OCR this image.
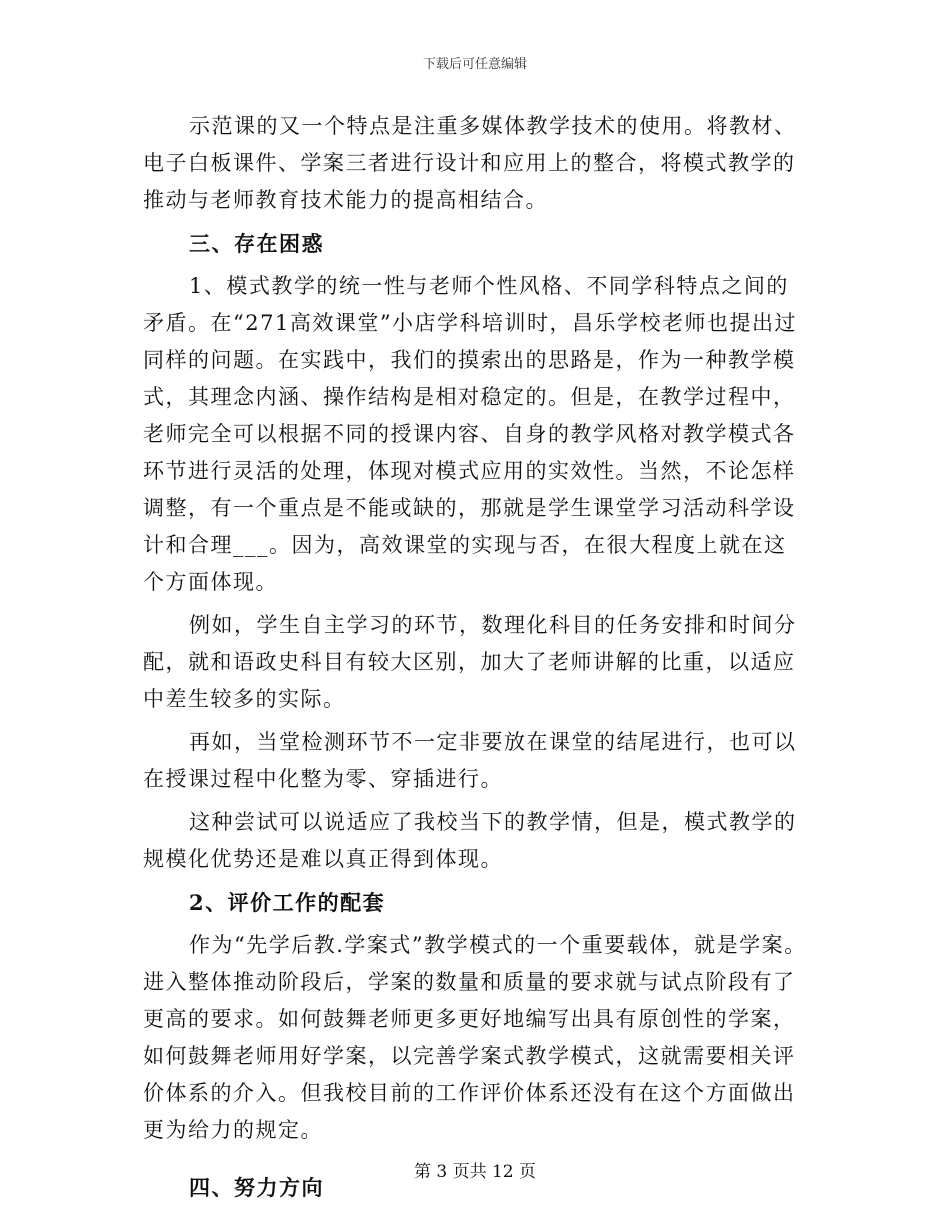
下载后可任意编辑

示范课的又一个特点是注重多媒体教学技术的使用。将教材、电子白板课件、学案三者进行设计和应用上的整合，将模式教学的推动与老师教育技术能力的提高相结合。

三、存在困惑

1、模式教学的统一性与老师个性风格、不同学科特点之间的矛盾。在“271高效课堂”小店学科培训时，昌乐学校老师也提出过同样的问题。在实践中，我们的摸索出的思路是，作为一种教学模式，其理念内涵、操作结构是相对稳定的。但是，在教学过程中，老师完全可以根据不同的授课内容、自身的教学风格对教学模式各环节进行灵活的处理，体现对模式应用的实效性。当然，不论怎样调整，有一个重点是不能或缺的，那就是学生课堂学习活动科学设计和合理___。因为，高效课堂的实现与否，在很大程度上就在这个方面体现。

例如，学生自主学习的环节，数理化科目的任务安排和时间分配，就和语政史科目有较大区别，加大了老师讲解的比重，以适应中差生较多的实际。

再如，当堂检测环节不一定非要放在课堂的结尾进行，也可以在授课过程中化整为零、穿插进行。

这种尝试可以说适应了我校当下的教学情，但是，模式教学的规模化优势还是难以真正得到体现。

2、评价工作的配套

作为“先学后教.学案式”教学模式的一个重要载体，就是学案。进入整体推动阶段后，学案的数量和质量的要求就与试点阶段有了更高的要求。如何鼓舞老师更多更好地编写出具有原创性的学案，如何鼓舞老师用好学案，以完善学案式教学模式，这就需要相关评价体系的介入。但我校目前的工作评价体系还没有在这个方面做出更为给力的规定。

四、努力方向

第 3 页共 12 页
